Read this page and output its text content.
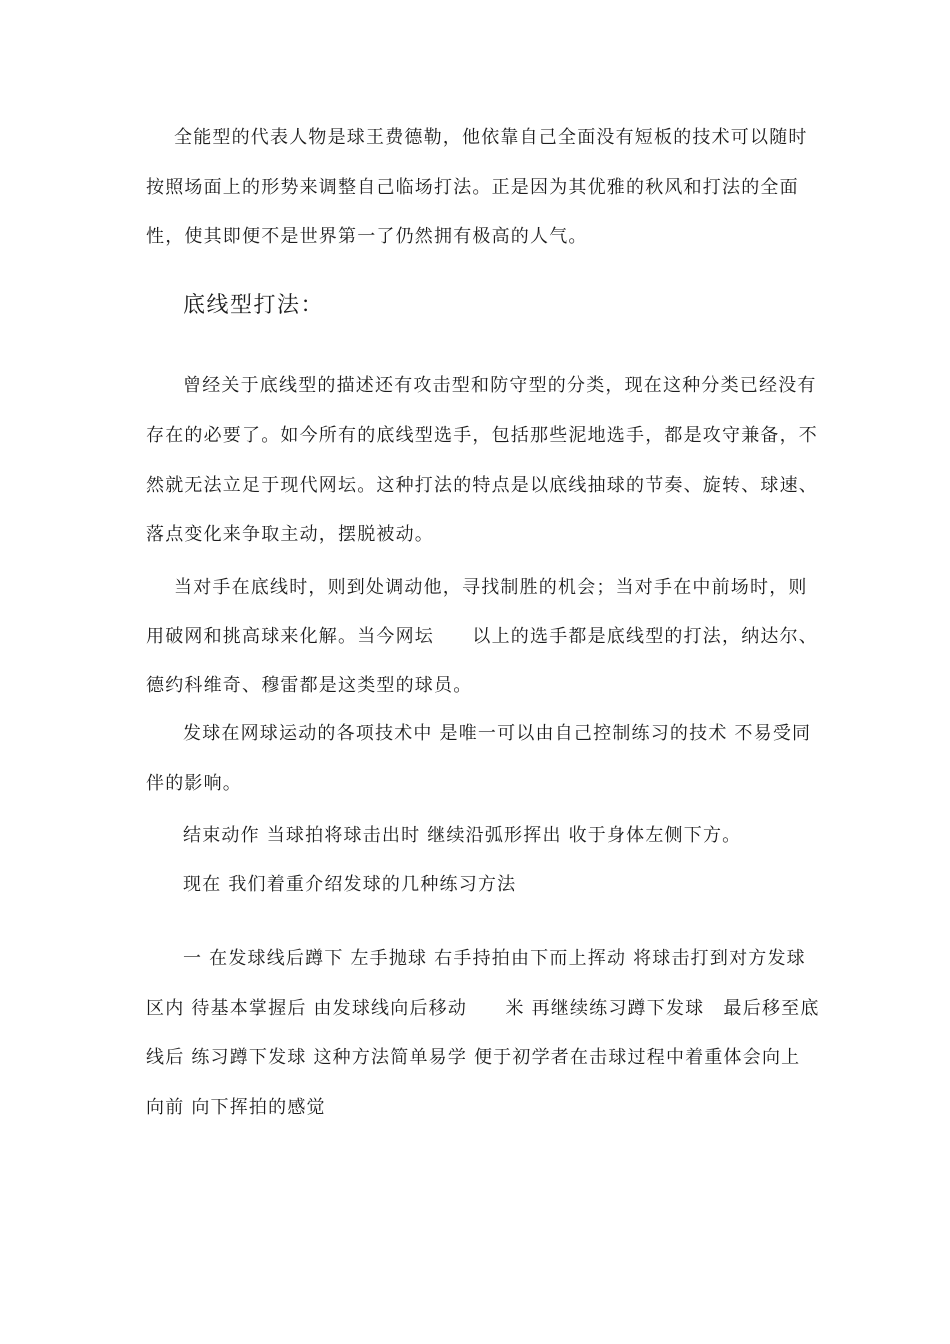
全能型的代表人物是球王费德勒，他依靠自己全面没有短板的技术可以随时
按照场面上的形势来调整自己临场打法。正是因为其优雅的秋风和打法的全面
性，使其即便不是世界第一了仍然拥有极高的人气。
底线型打法：
曾经关于底线型的描述还有攻击型和防守型的分类，现在这种分类已经没有
存在的必要了。如今所有的底线型选手，包括那些泥地选手，都是攻守兼备，不
然就无法立足于现代网坛。这种打法的特点是以底线抽球的节奏、旋转、球速、
落点变化来争取主动，摆脱被动。
当对手在底线时，则到处调动他，寻找制胜的机会；当对手在中前场时，则
用破网和挑高球来化解。当今网坛　　以上的选手都是底线型的打法，纳达尔、
德约科维奇、穆雷都是这类型的球员。
发球在网球运动的各项技术中 是唯一可以由自己控制练习的技术 不易受同
伴的影响。
结束动作 当球拍将球击出时 继续沿弧形挥出 收于身体左侧下方。
现在 我们着重介绍发球的几种练习方法
一 在发球线后蹲下 左手抛球 右手持拍由下而上挥动 将球击打到对方发球
区内 待基本掌握后 由发球线向后移动　　米 再继续练习蹲下发球　最后移至底
线后 练习蹲下发球 这种方法简单易学 便于初学者在击球过程中着重体会向上
向前 向下挥拍的感觉
